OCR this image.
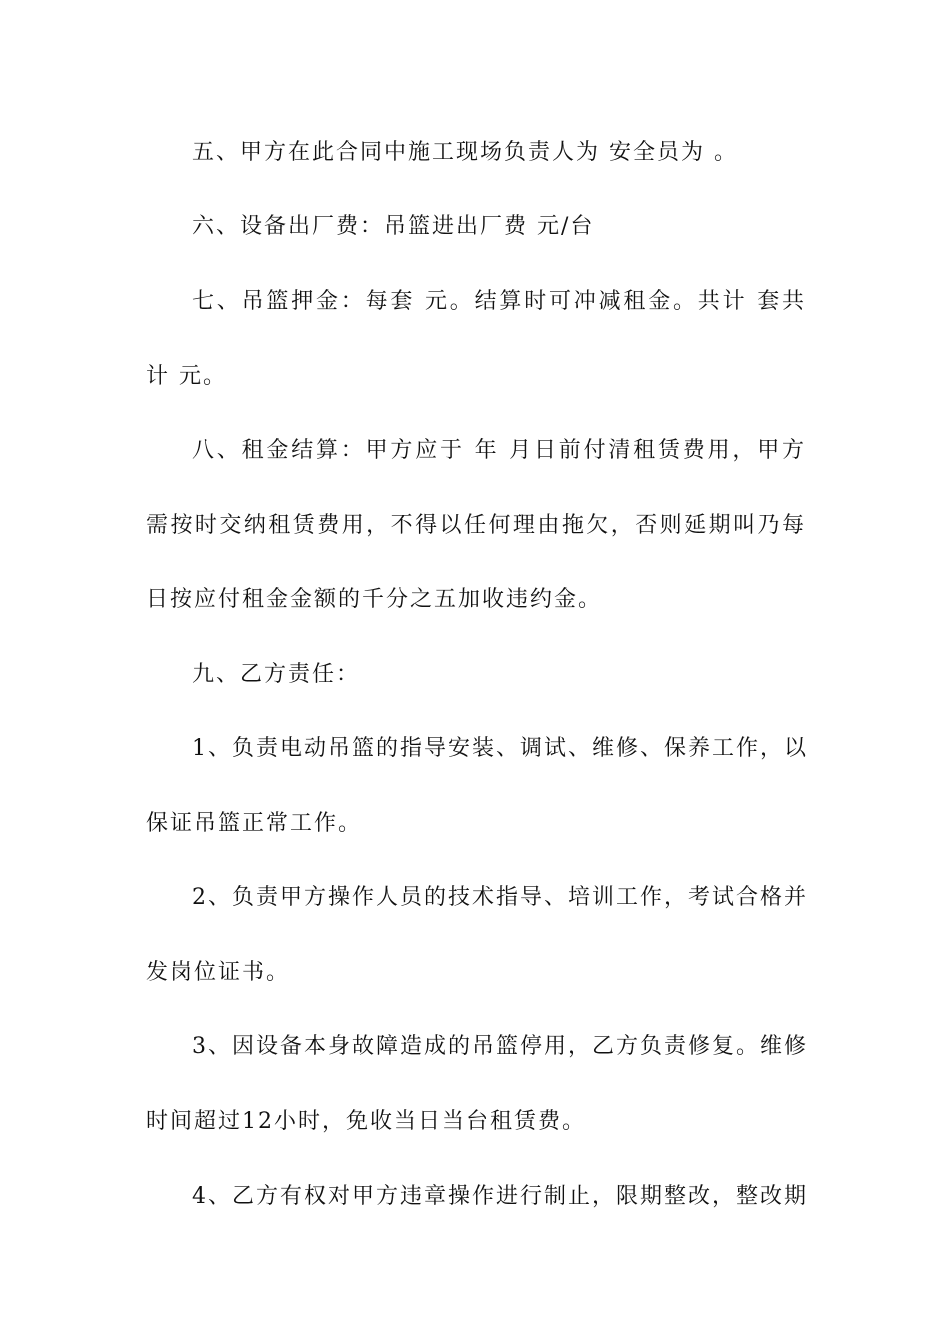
五、甲方在此合同中施工现场负责人为 安全员为 。
六、设备出厂费：吊篮进出厂费 元/台
七、吊篮押金：每套 元。结算时可冲减租金。共计 套共
计 元。
八、租金结算：甲方应于 年 月日前付清租赁费用，甲方
需按时交纳租赁费用，不得以任何理由拖欠，否则延期叫乃每
日按应付租金金额的千分之五加收违约金。
九、乙方责任：
1、负责电动吊篮的指导安装、调试、维修、保养工作，以
保证吊篮正常工作。
2、负责甲方操作人员的技术指导、培训工作，考试合格并
发岗位证书。
3、因设备本身故障造成的吊篮停用，乙方负责修复。维修
时间超过12小时，免收当日当台租赁费。
4、乙方有权对甲方违章操作进行制止，限期整改，整改期
